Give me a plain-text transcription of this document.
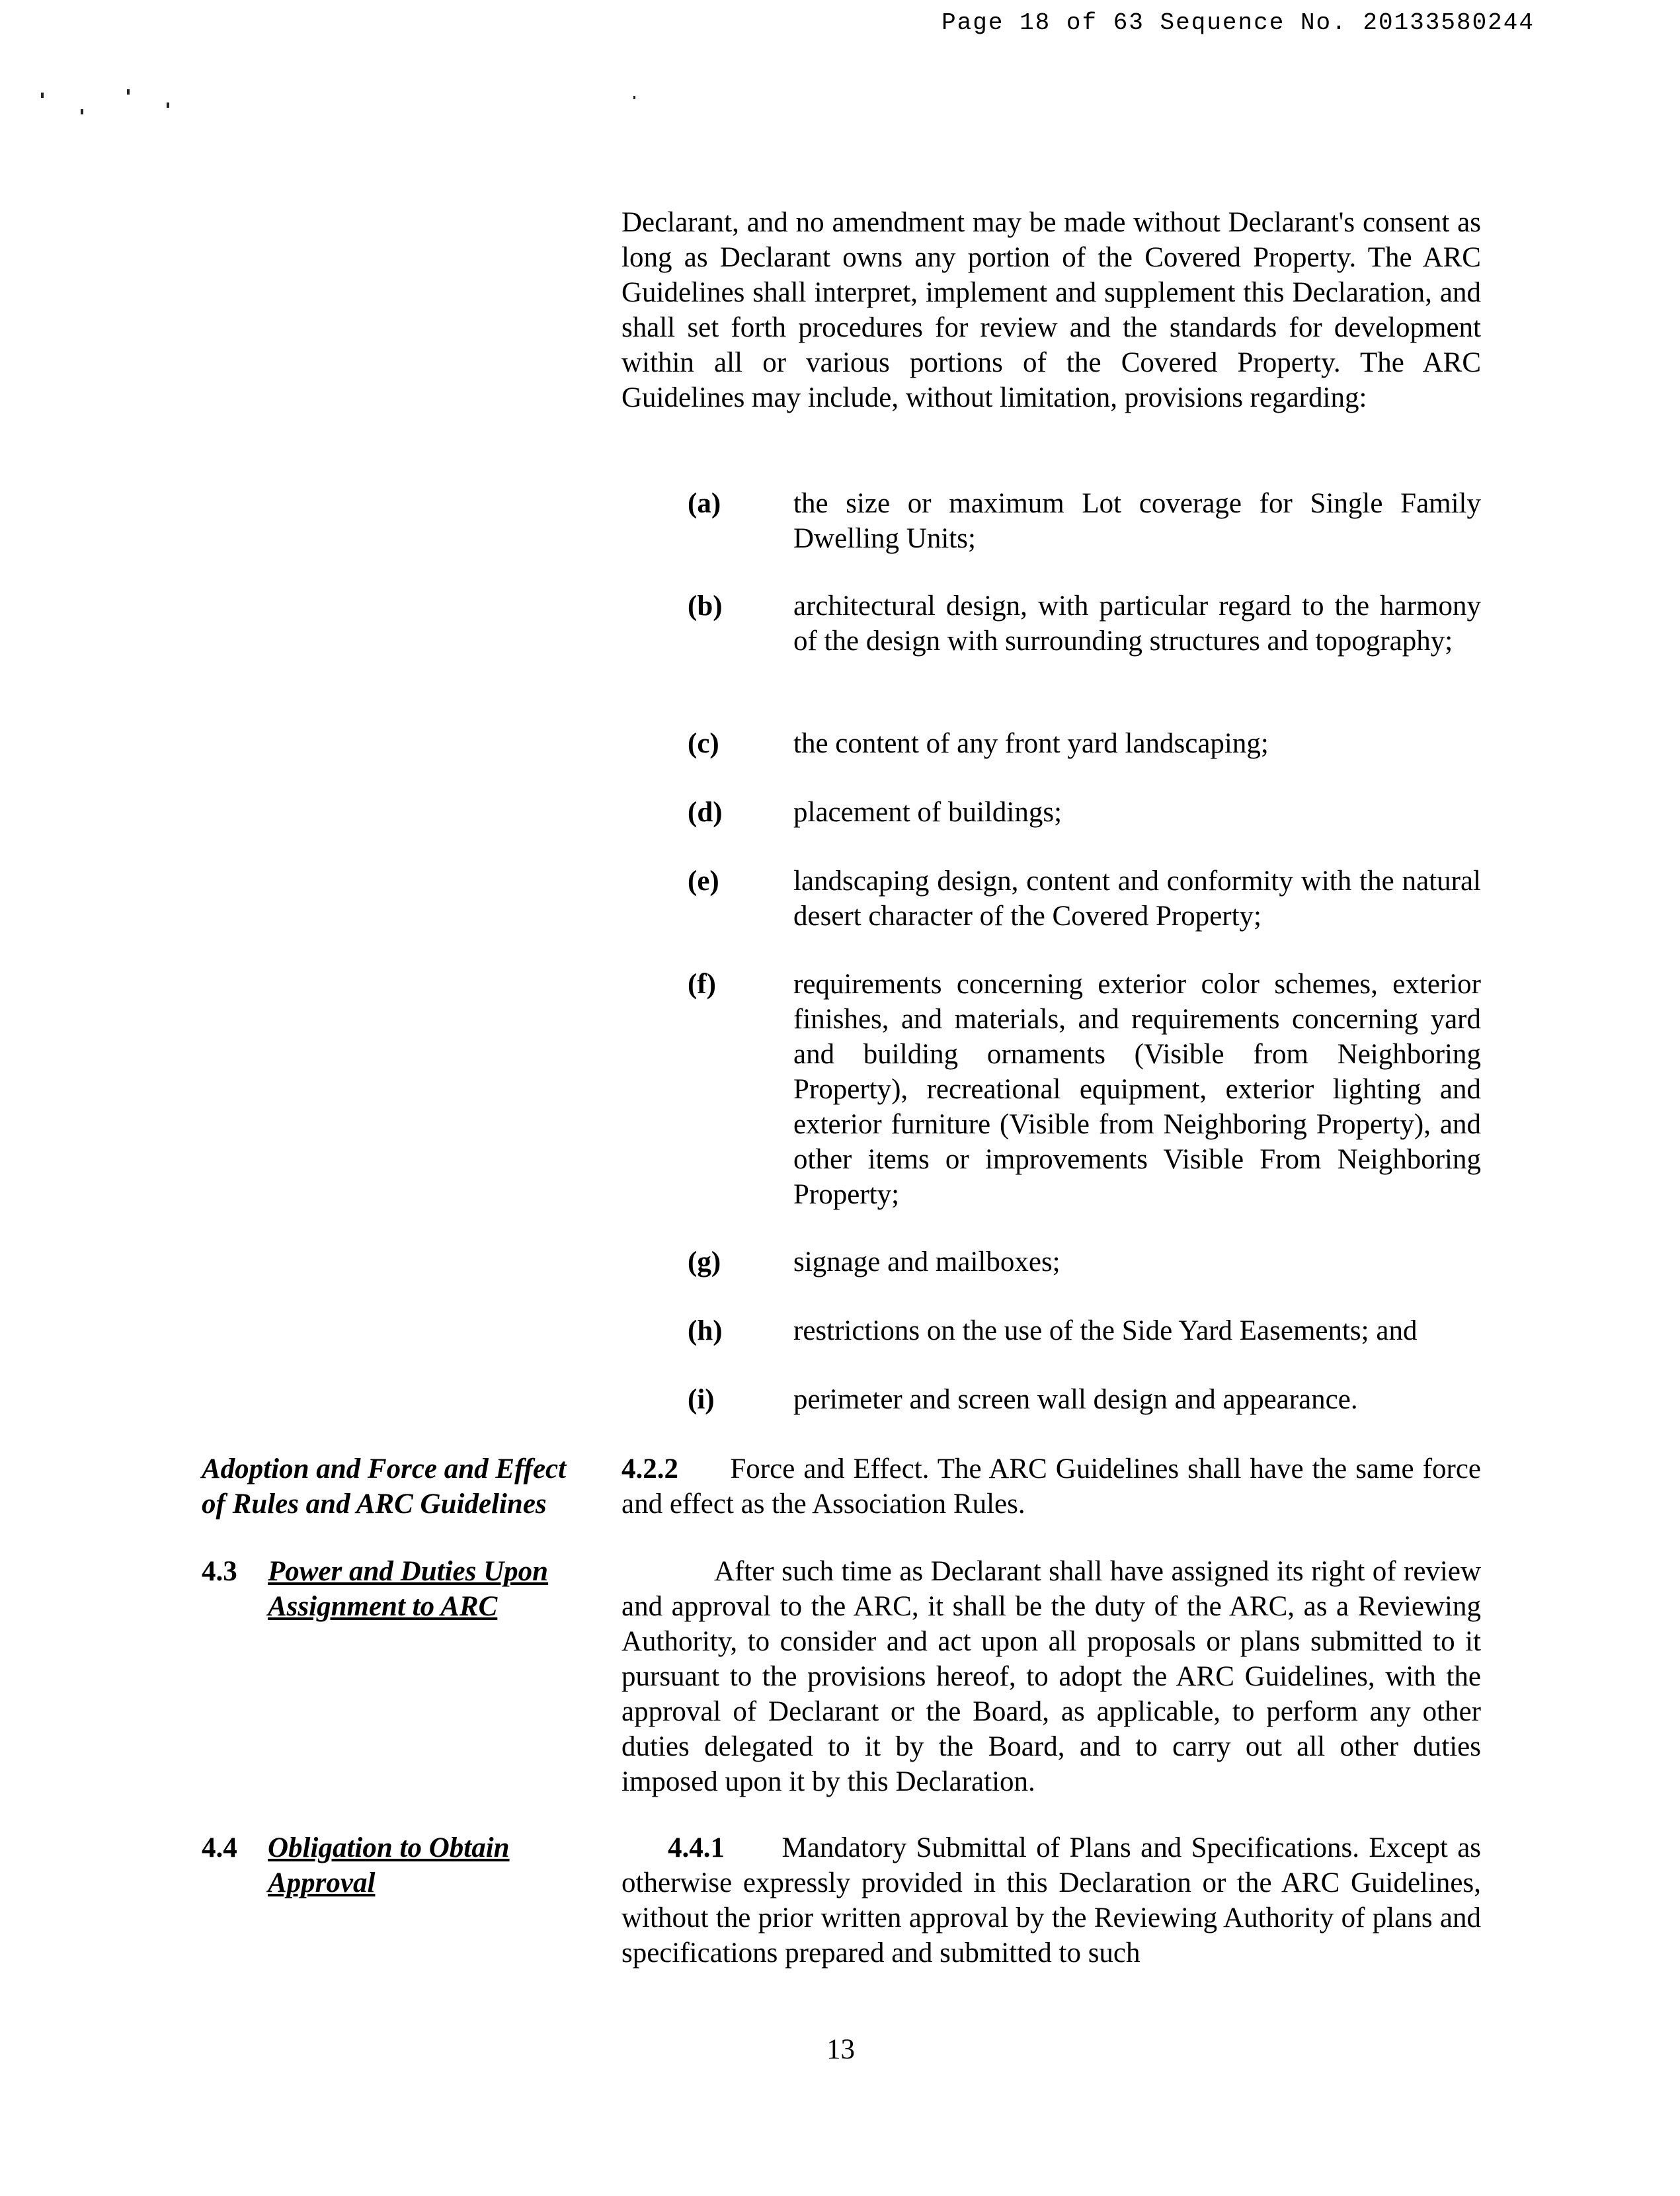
Page 18 of 63 Sequence No. 20133580244
Declarant, and no amendment may be made without Declarant's consent as long as Declarant owns any portion of the Covered Property. The ARC Guidelines shall interpret, implement and supplement this Declaration, and shall set forth procedures for review and the standards for development within all or various portions of the Covered Property. The ARC Guidelines may include, without limitation, provisions regarding:
(a)	the size or maximum Lot coverage for Single Family Dwelling Units;
(b) architectural design, with particular regard to the harmony of the design with surrounding structures and topography;
(c)	the content of any front yard landscaping;
(d) placement of buildings;
(e)	landscaping design, content and conformity with the natural desert character of the Covered Property;
(f)	requirements concerning exterior color schemes, exterior finishes, and materials, and requirements concerning yard and building ornaments (Visible from Neighboring Property), recreational equipment, exterior lighting and exterior furniture (Visible from Neighboring Property), and other items or improvements Visible From Neighboring Property;
(g)	signage and mailboxes;
(h) restrictions on the use of the Side Yard Easements; and
(i)	perimeter and screen wall design and appearance.
Adoption and Force and Effect
of Rules and ARC Guidelines
4.2.2 Force and Effect. The ARC Guidelines shall have the same force and effect as the Association Rules.
4.3 Power and Duties Upon
Assignment to ARC
After such time as Declarant shall have assigned its right of review and approval to the ARC, it shall be the duty of the ARC, as a Reviewing Authority, to consider and act upon all proposals or plans submitted to it pursuant to the provisions hereof, to adopt the ARC Guidelines, with the approval of Declarant or the Board, as applicable, to perform any other duties delegated to it by the Board, and to carry out all other duties imposed upon it by this Declaration.
4.4 Obligation to Obtain
Approval
4.4.1 Mandatory Submittal of Plans and Specifications. Except as otherwise expressly provided in this Declaration or the ARC Guidelines, without the prior written approval by the Reviewing Authority of plans and specifications prepared and submitted to such
13
